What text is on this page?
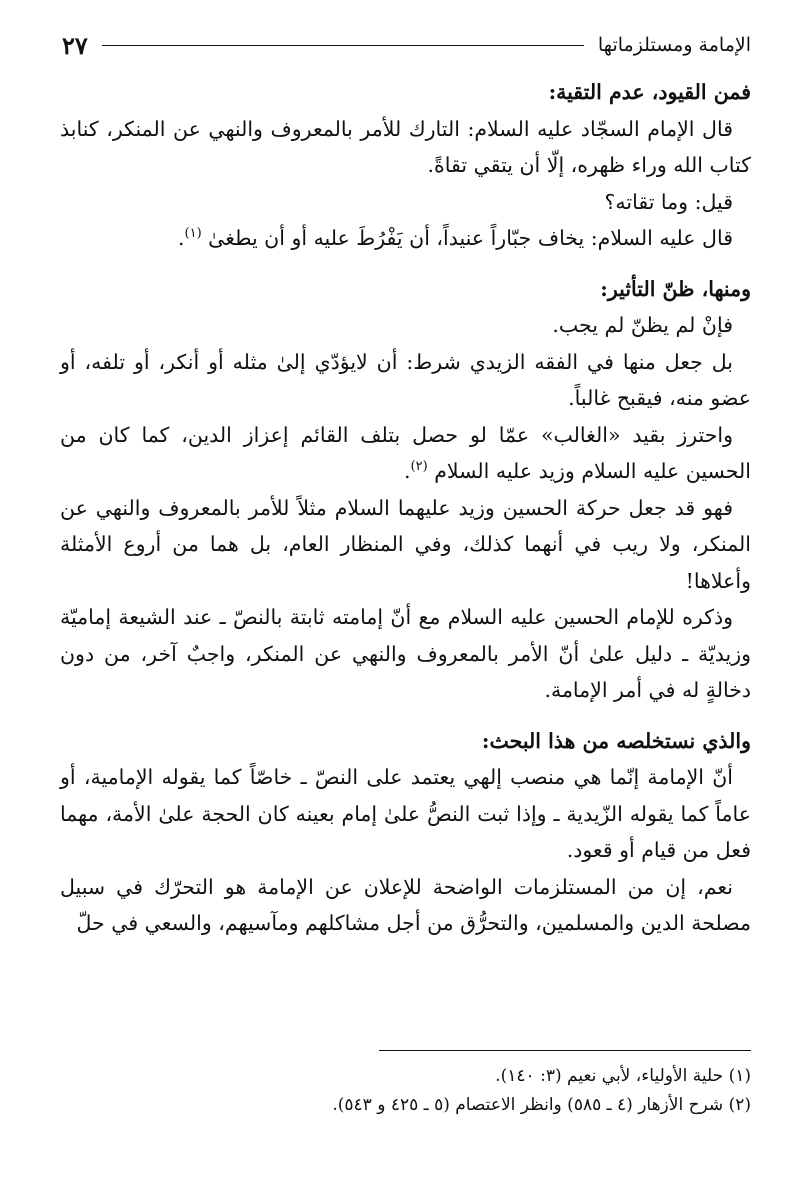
الإمامة ومستلزماتها
٢٧

فمن القيود، عدم التقية:

قال الإمام السجّاد عليه السلام: التارك للأمر بالمعروف والنهي عن المنكر، كنابذ كتاب الله وراء ظهره، إلّا أن يتقي تقاةً.

قيل: وما تقاته؟

قال عليه السلام: يخاف جبّاراً عنيداً، أن يَفْرُطَ عليه أو أن يطغىٰ $^{(١)}$.

ومنها، ظنّ التأثير:

فإنْ لم يظنّ لم يجب.

بل جعل منها في الفقه الزيدي شرط: أن لايؤدّي إلىٰ مثله أو أنكر، أو تلفه، أو عضو منه، فيقبح غالباً.

واحترز بقيد «الغالب» عمّا لو حصل بتلف القائم إعزاز الدين، كما كان من الحسين عليه السلام وزيد عليه السلام $^{(٢)}$.

فهو قد جعل حركة الحسين وزيد عليهما السلام مثلاً للأمر بالمعروف والنهي عن المنكر، ولا ريب في أنهما كذلك، وفي المنظار العام، بل هما من أروع الأمثلة وأعلاها!

وذكره للإمام الحسين عليه السلام مع أنّ إمامته ثابتة بالنصّ ـ عند الشيعة إماميّة وزيديّة ـ دليل علىٰ أنّ الأمر بالمعروف والنهي عن المنكر، واجبٌ آخر، من دون دخالةٍ له في أمر الإمامة.

والذي نستخلصه من هذا البحث:

أنّ الإمامة إنّما هي منصب إلهي يعتمد على النصّ ـ خاصّاً كما يقوله الإمامية، أو عاماً كما يقوله الزّيدية ـ وإذا ثبت النصُّ علىٰ إمام بعينه كان الحجة علىٰ الأمة، مهما فعل من قيام أو قعود.

نعم، إن من المستلزمات الواضحة للإعلان عن الإمامة هو التحرّك في سبيل مصلحة الدين والمسلمين، والتحرُّق من أجل مشاكلهم ومآسيهم، والسعي في حلّ

(١) حلية الأولياء، لأبي نعيم (٣: ١٤٠).

(٢) شرح الأزهار (٤ ـ ٥٨٥) وانظر الاعتصام (٥ ـ ٤٢٥ و ٥٤٣).
